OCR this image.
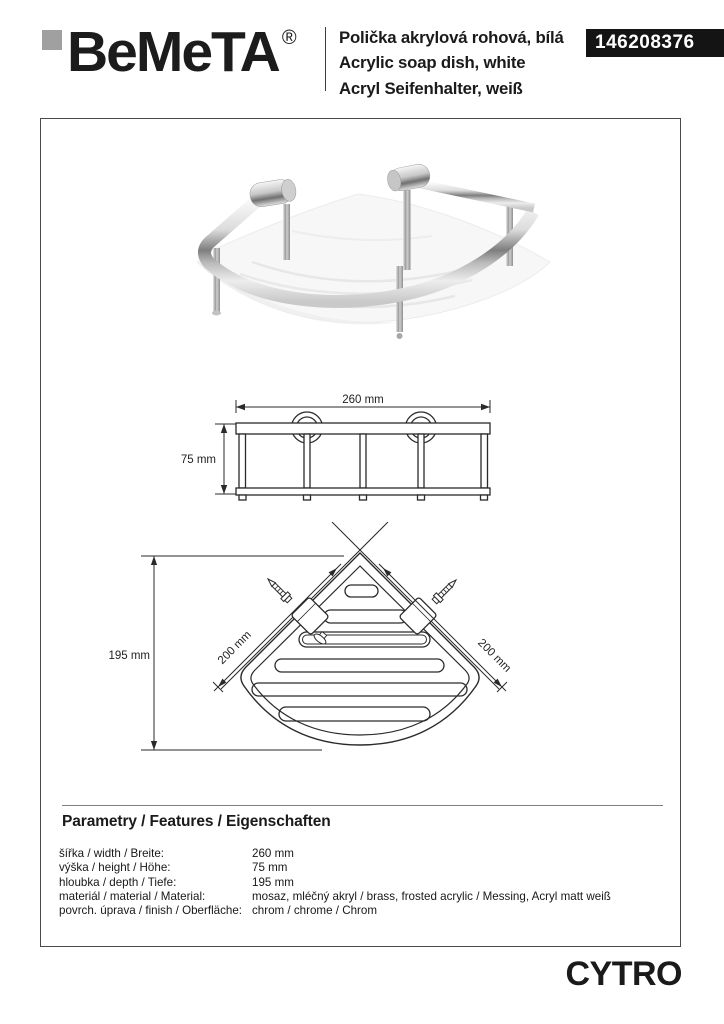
BeMeTA ®	Polička akrylová rohová, bílá
Acrylic soap dish, white
Acryl Seifenhalter, weiß
146208376
260 mm
75 mm
195 mm	200 mm	200 mm
Parametry / Features / Eigenschaften
šířka / width / Breite:	260 mm
výška / height / Höhe:	75 mm
hloubka / depth / Tiefe:	195 mm
materiál / material / Material:	mosaz, mléčný akryl / brass, frosted acrylic / Messing, Acryl matt weiß
povrch. úprava / finish / Oberfläche: chrom / chrome / Chrom
CYTRO
